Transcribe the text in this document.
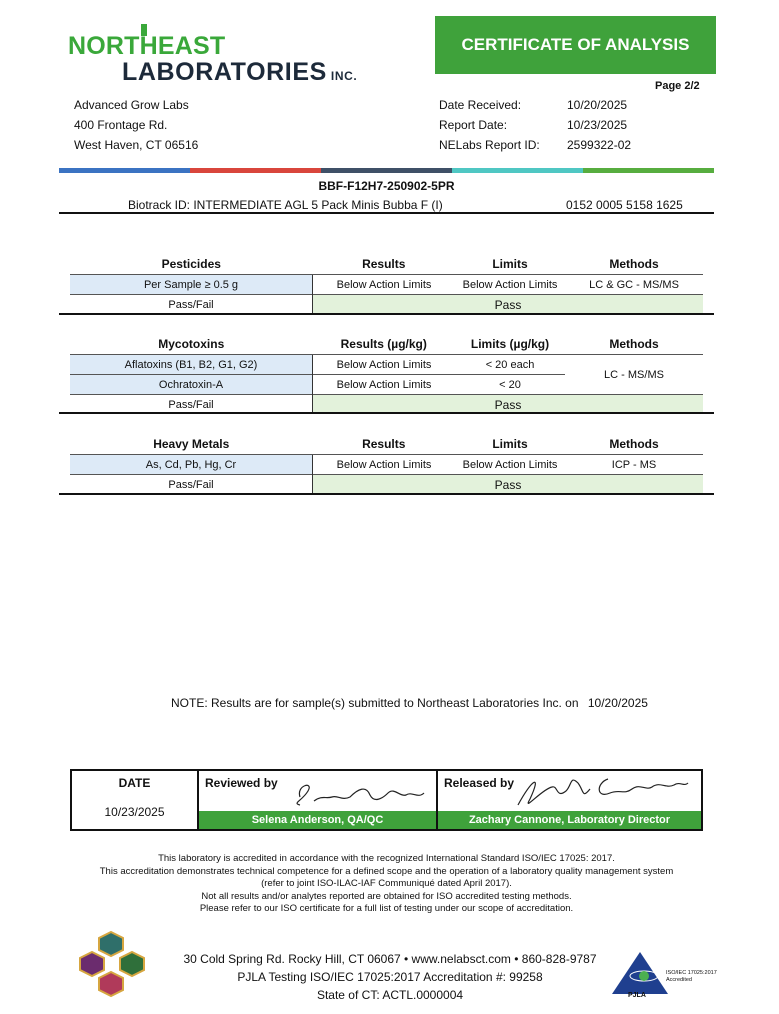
NORTHEAST
LABORATORIES INC.
CERTIFICATE OF ANALYSIS
Page 2/2
Advanced Grow Labs
400 Frontage Rd.
West Haven, CT 06516
Date Received:	10/20/2025
Report Date:	10/23/2025
NELabs Report ID: 2599322-02
BBF-F12H7-250902-5PR
Biotrack ID: INTERMEDIATE AGL 5 Pack Minis Bubba F (I)	0152 0005 5158 1625
Pesticides	Results	Limits	Methods
Per Sample ≥ 0.5 g	Below Action Limits	Below Action Limits	LC & GC - MS/MS
Pass/Fail	Pass		
Mycotoxins	Results (µg/kg)	Limits (µg/kg)	Methods
Aflatoxins (B1, B2, G1, G2)	Below Action Limits	< 20 each	LC - MS/MS
Ochratoxin-A	Below Action Limits	< 20	
Pass/Fail	Pass		
Heavy Metals	Results	Limits	Methods
As, Cd, Pb, Hg, Cr	Below Action Limits	Below Action Limits	ICP - MS
Pass/Fail	Pass		
NOTE: Results are for sample(s) submitted to Northeast Laboratories Inc. on 10/20/2025
DATE
10/23/2025
Reviewed by
Selena Anderson, QA/QC
Released by
Zachary Cannone, Laboratory Director
This laboratory is accredited in accordance with the recognized International Standard ISO/IEC 17025: 2017.
This accreditation demonstrates technical competence for a defined scope and the operation of a laboratory quality management system
(refer to joint ISO-ILAC-IAF Communiqué dated April 2017).
Not all results and/or analytes reported are obtained for ISO accredited testing methods.
Please refer to our ISO certificate for a full list of testing under our scope of accreditation.
30 Cold Spring Rd. Rocky Hill, CT 06067 • www.nelabsct.com • 860-828-9787
PJLA Testing ISO/IEC 17025:2017 Accreditation #: 99258
State of CT: ACTL.0000004	PJLA
ISO/IEC 17025:2017 Accredited
